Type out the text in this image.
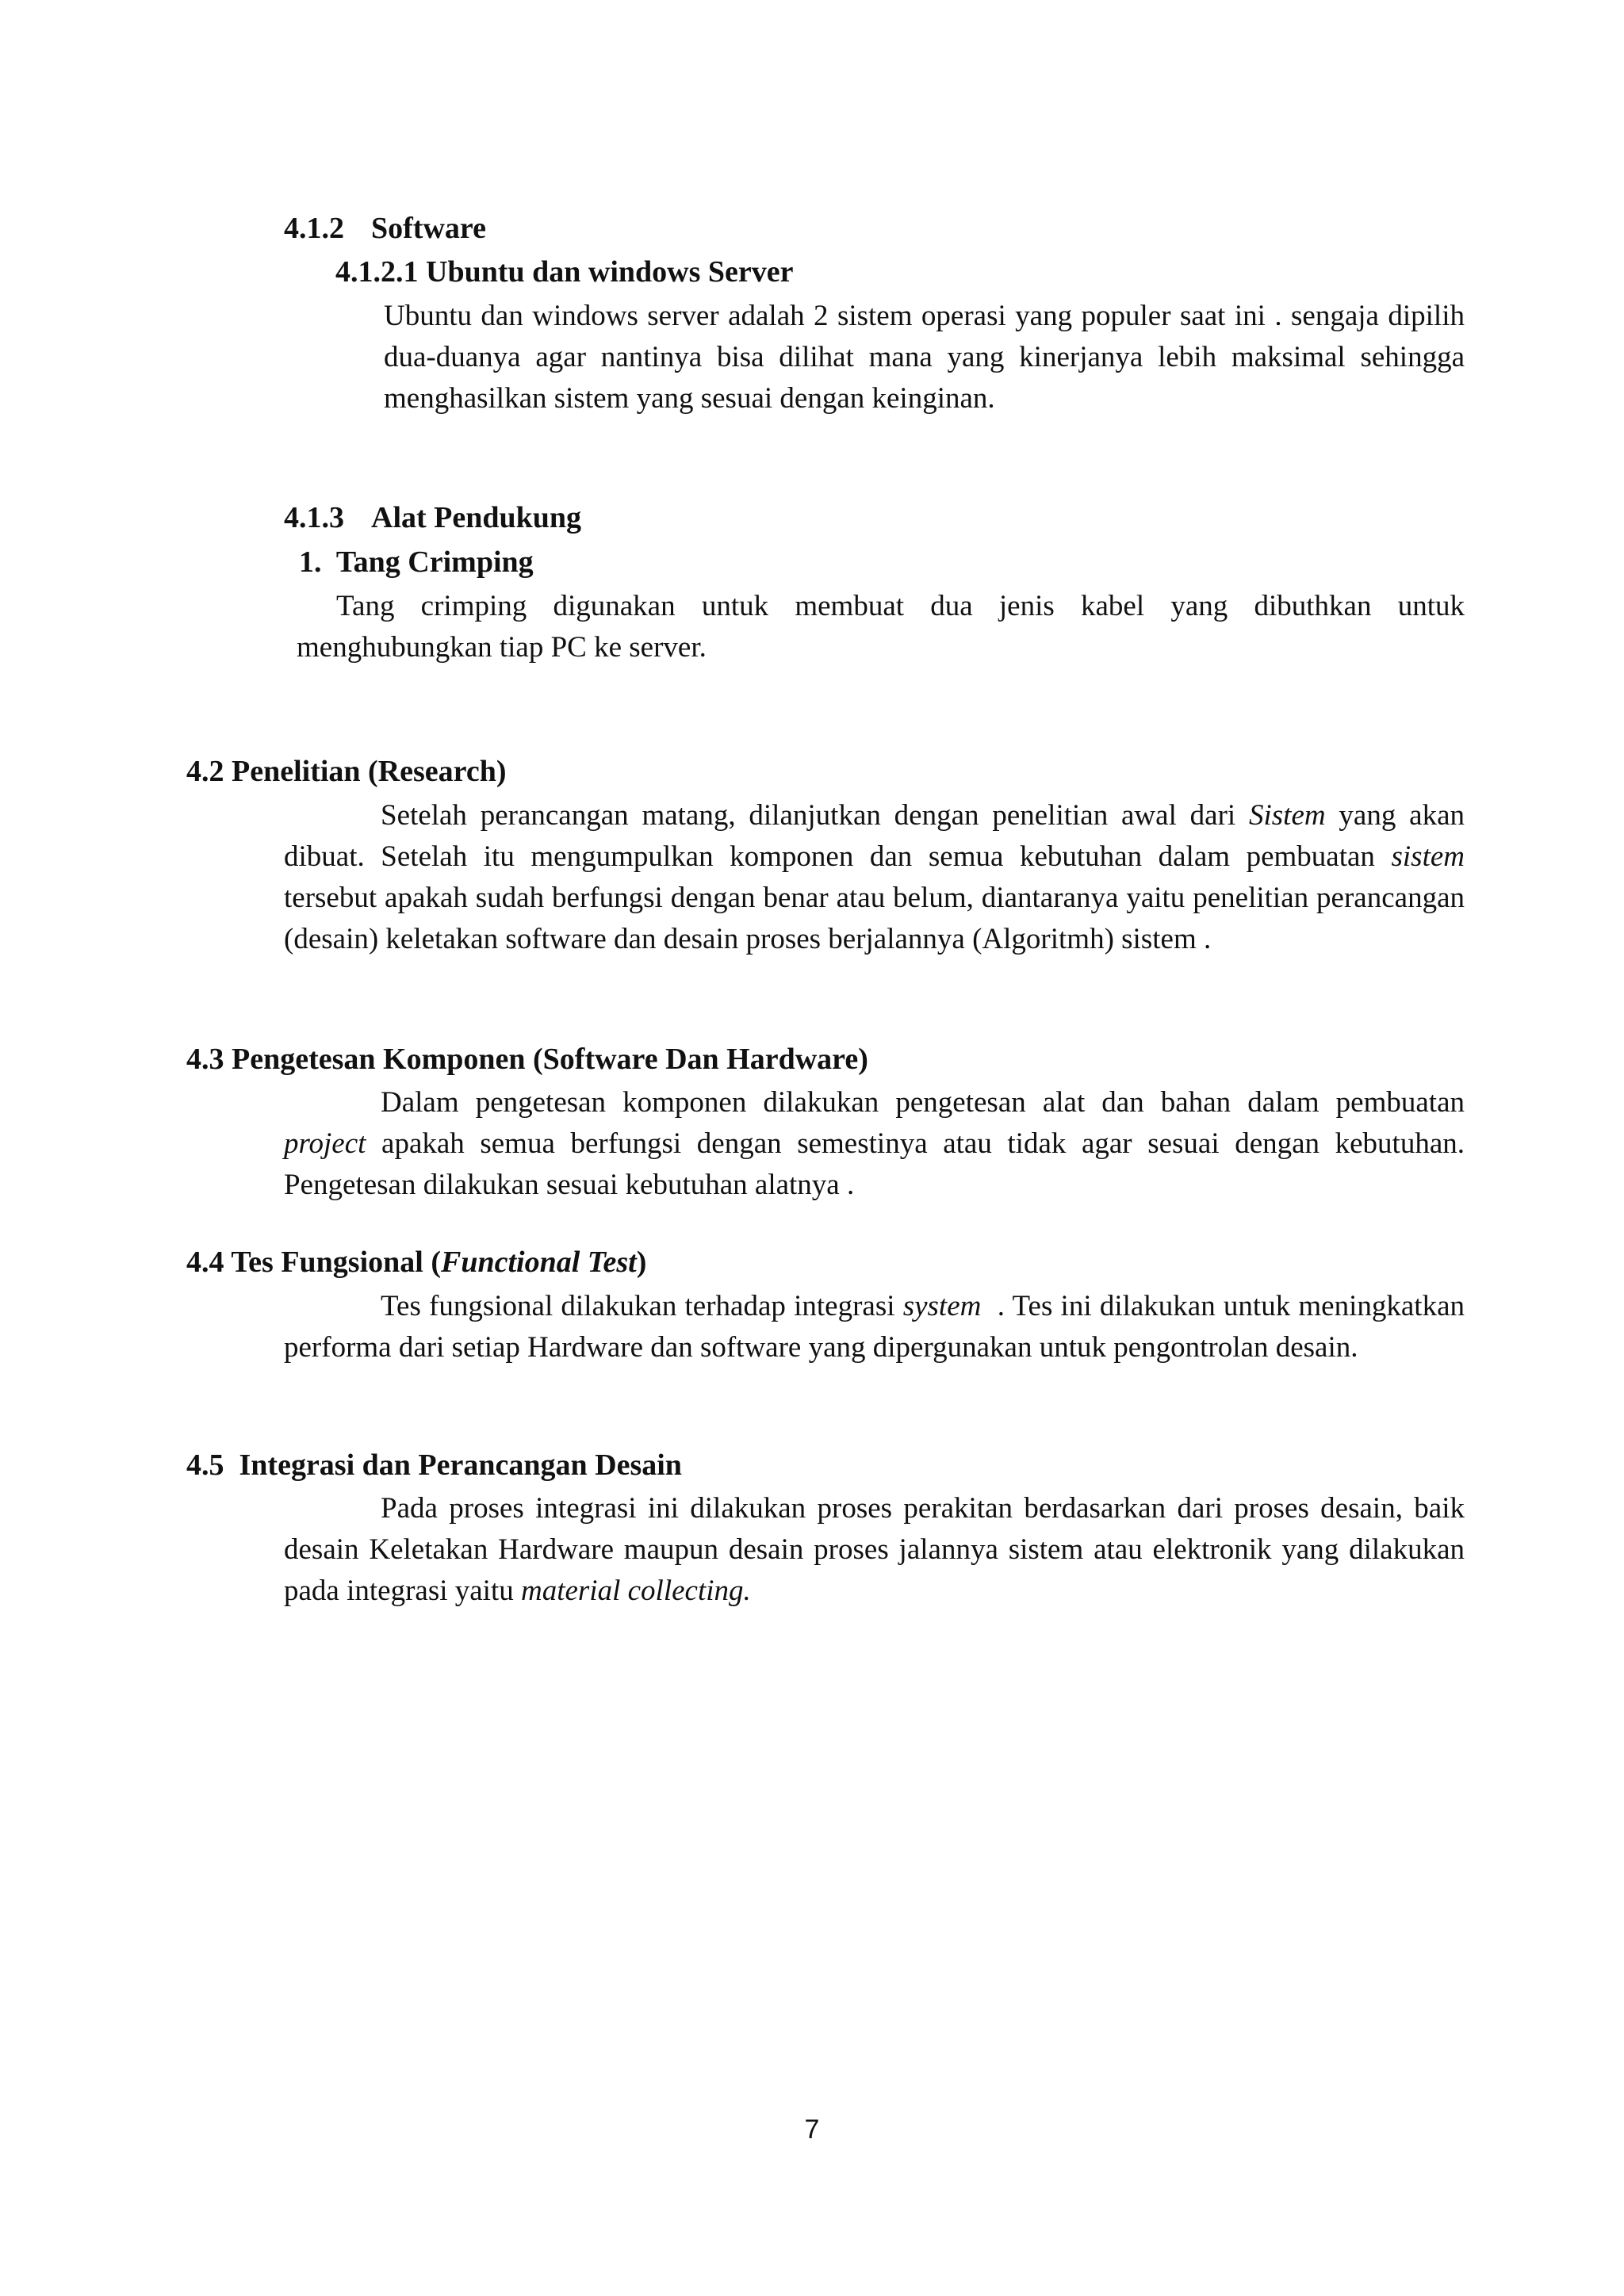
4.1.2 Software
4.1.2.1 Ubuntu dan windows Server

Ubuntu dan windows server adalah 2 sistem operasi yang populer saat ini . sengaja dipilih dua-duanya agar nantinya bisa dilihat mana yang kinerjanya lebih maksimal sehingga menghasilkan sistem yang sesuai dengan keinginan.

4.1.3 Alat Pendukung
1.  Tang Crimping

Tang crimping digunakan untuk membuat dua jenis kabel yang dibuthkan untuk menghubungkan tiap PC ke server.

4.2 Penelitian (Research)

Setelah perancangan matang, dilanjutkan dengan penelitian awal dari Sistem yang akan dibuat. Setelah itu mengumpulkan komponen dan semua kebutuhan dalam pembuatan sistem tersebut apakah sudah berfungsi dengan benar atau belum, diantaranya yaitu penelitian perancangan (desain) keletakan software dan desain proses berjalannya (Algoritmh) sistem .

4.3 Pengetesan Komponen (Software Dan Hardware)

Dalam pengetesan komponen dilakukan pengetesan alat dan bahan dalam pembuatan project apakah semua berfungsi dengan semestinya atau tidak agar sesuai dengan kebutuhan. Pengetesan dilakukan sesuai kebutuhan alatnya .

4.4 Tes Fungsional (Functional Test)

Tes fungsional dilakukan terhadap integrasi system  . Tes ini dilakukan untuk meningkatkan performa dari setiap Hardware dan software yang dipergunakan untuk pengontrolan desain.

4.5  Integrasi dan Perancangan Desain

Pada proses integrasi ini dilakukan proses perakitan berdasarkan dari proses desain, baik desain Keletakan Hardware maupun desain proses jalannya sistem atau elektronik yang dilakukan pada integrasi yaitu material collecting.

7
